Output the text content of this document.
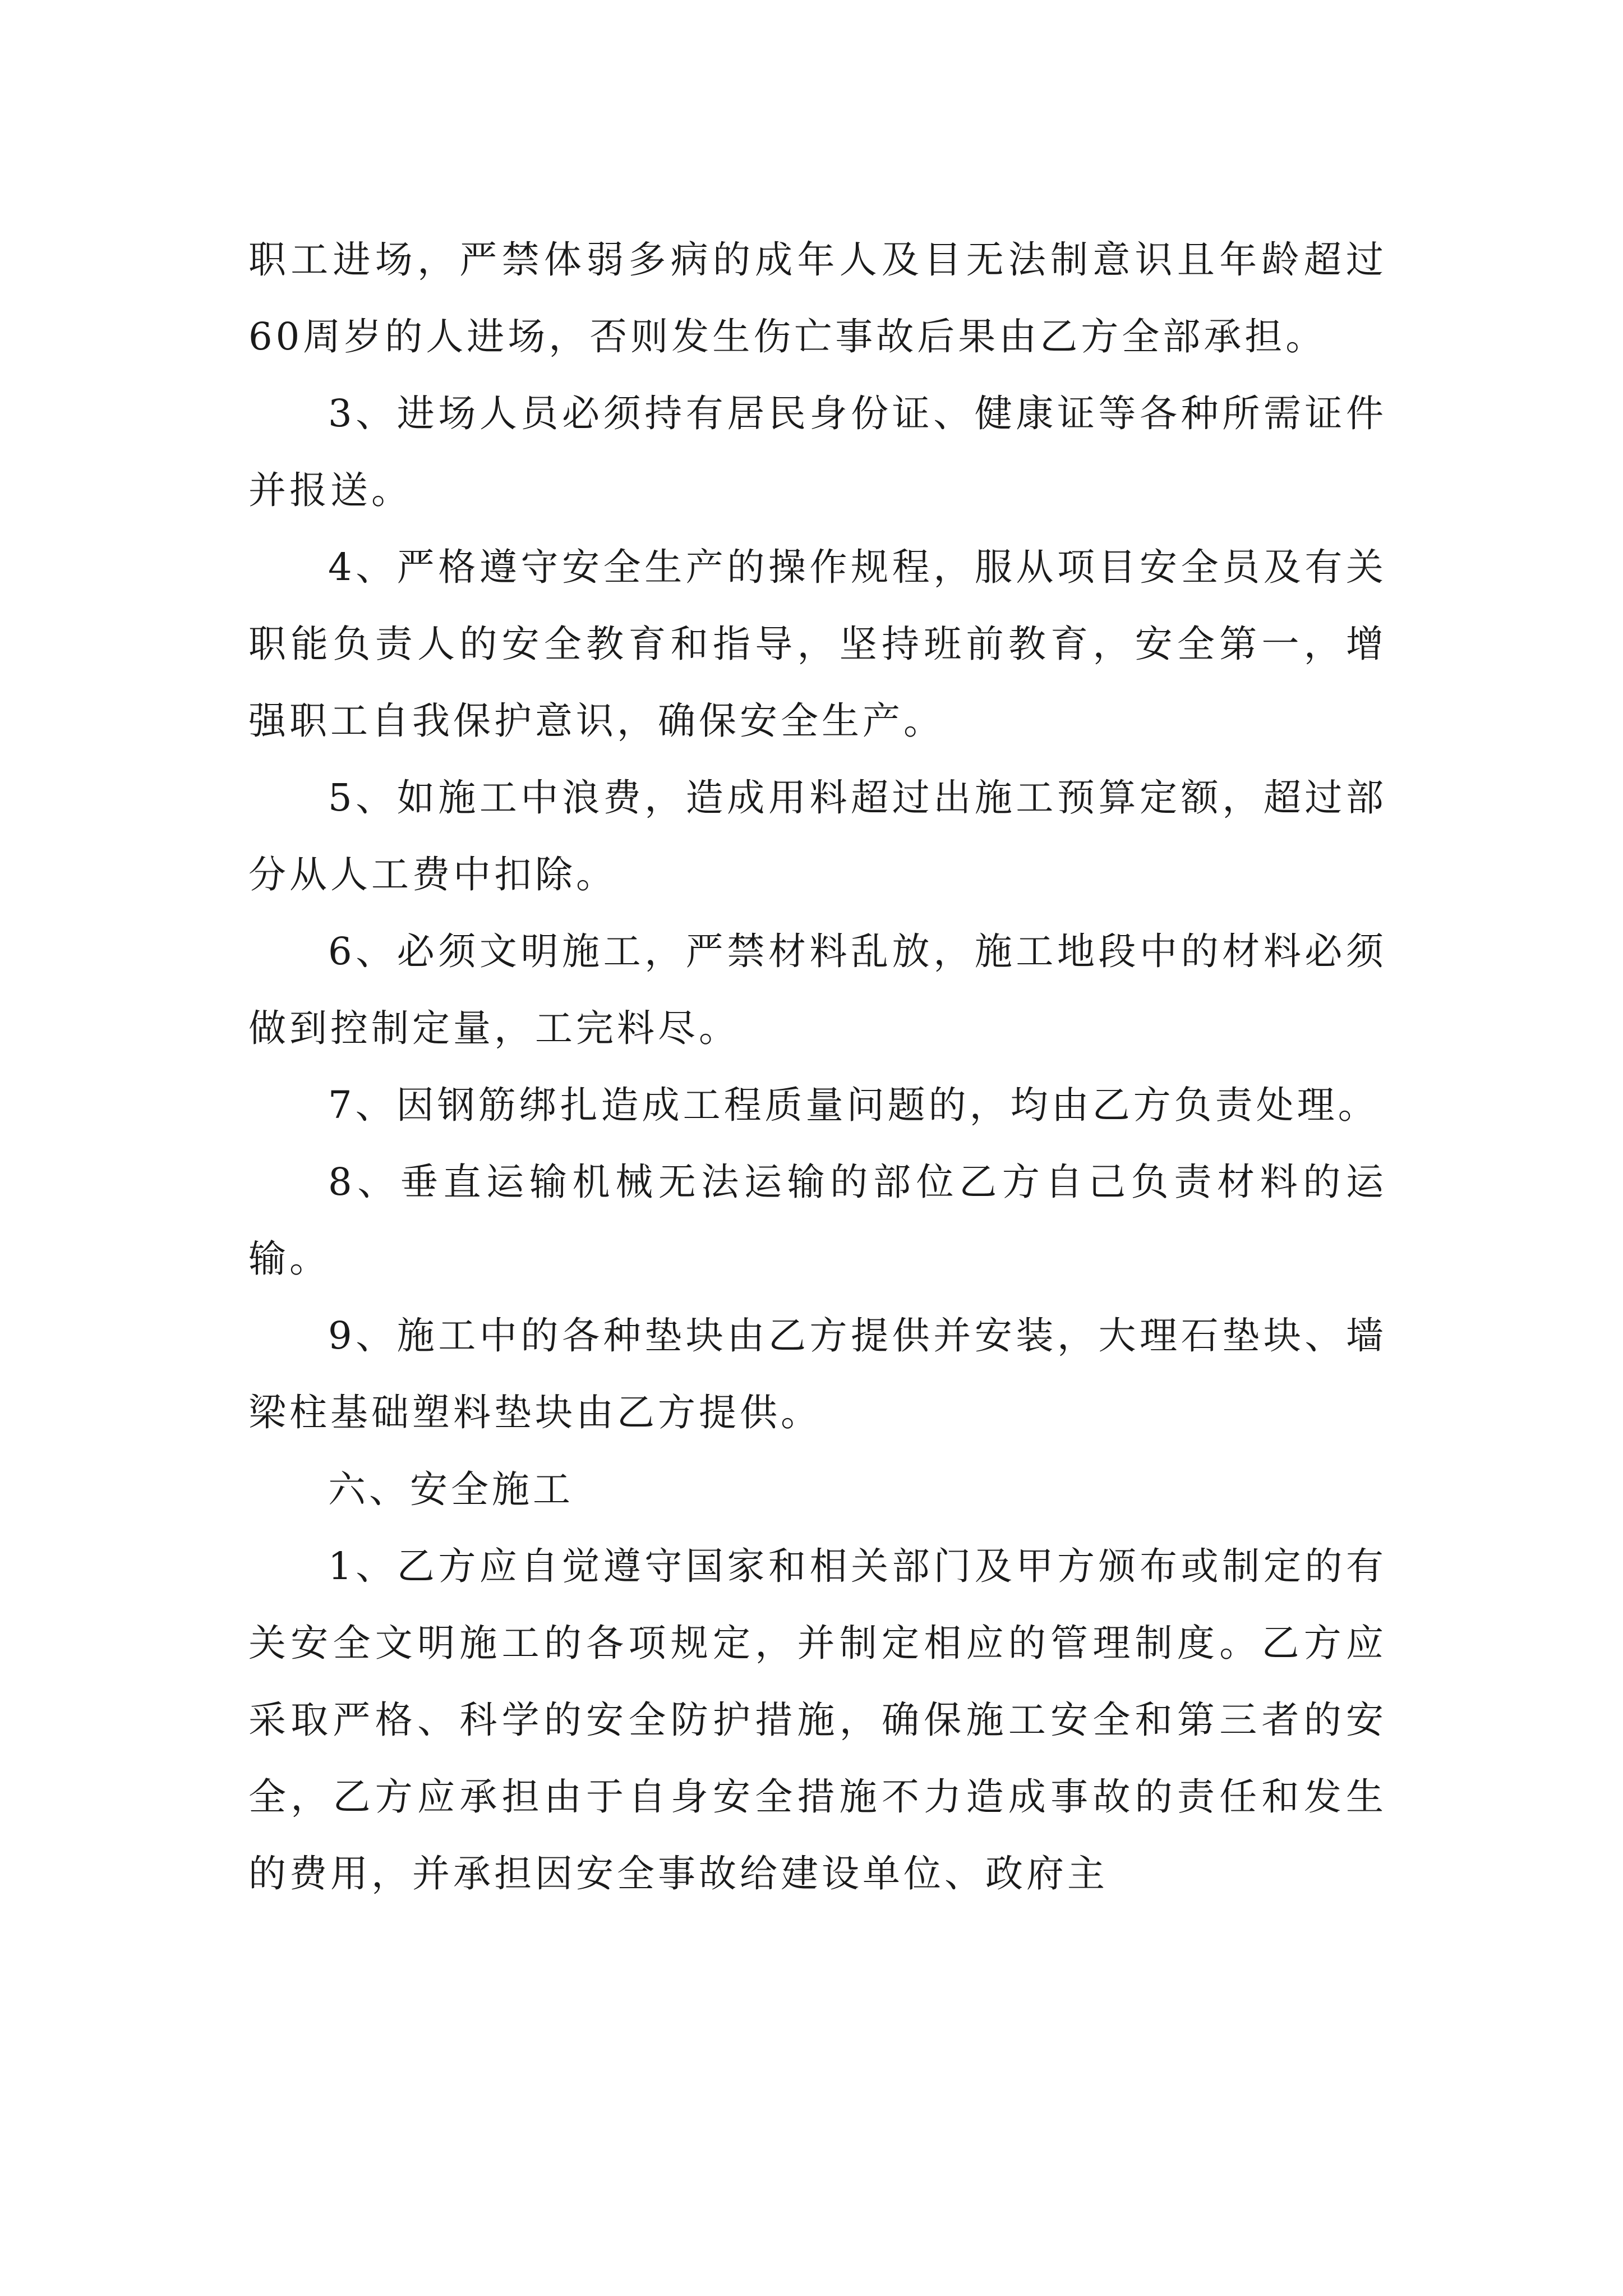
职工进场，严禁体弱多病的成年人及目无法制意识且年龄超过60周岁的人进场，否则发生伤亡事故后果由乙方全部承担。

3、进场人员必须持有居民身份证、健康证等各种所需证件并报送。

4、严格遵守安全生产的操作规程，服从项目安全员及有关职能负责人的安全教育和指导，坚持班前教育，安全第一，增强职工自我保护意识，确保安全生产。

5、如施工中浪费，造成用料超过出施工预算定额，超过部分从人工费中扣除。

6、必须文明施工，严禁材料乱放，施工地段中的材料必须做到控制定量，工完料尽。

7、因钢筋绑扎造成工程质量问题的，均由乙方负责处理。

8、垂直运输机械无法运输的部位乙方自己负责材料的运输。

9、施工中的各种垫块由乙方提供并安装，大理石垫块、墙梁柱基础塑料垫块由乙方提供。

六、安全施工

1、乙方应自觉遵守国家和相关部门及甲方颁布或制定的有关安全文明施工的各项规定，并制定相应的管理制度。乙方应采取严格、科学的安全防护措施，确保施工安全和第三者的安全，乙方应承担由于自身安全措施不力造成事故的责任和发生的费用，并承担因安全事故给建设单位、政府主
